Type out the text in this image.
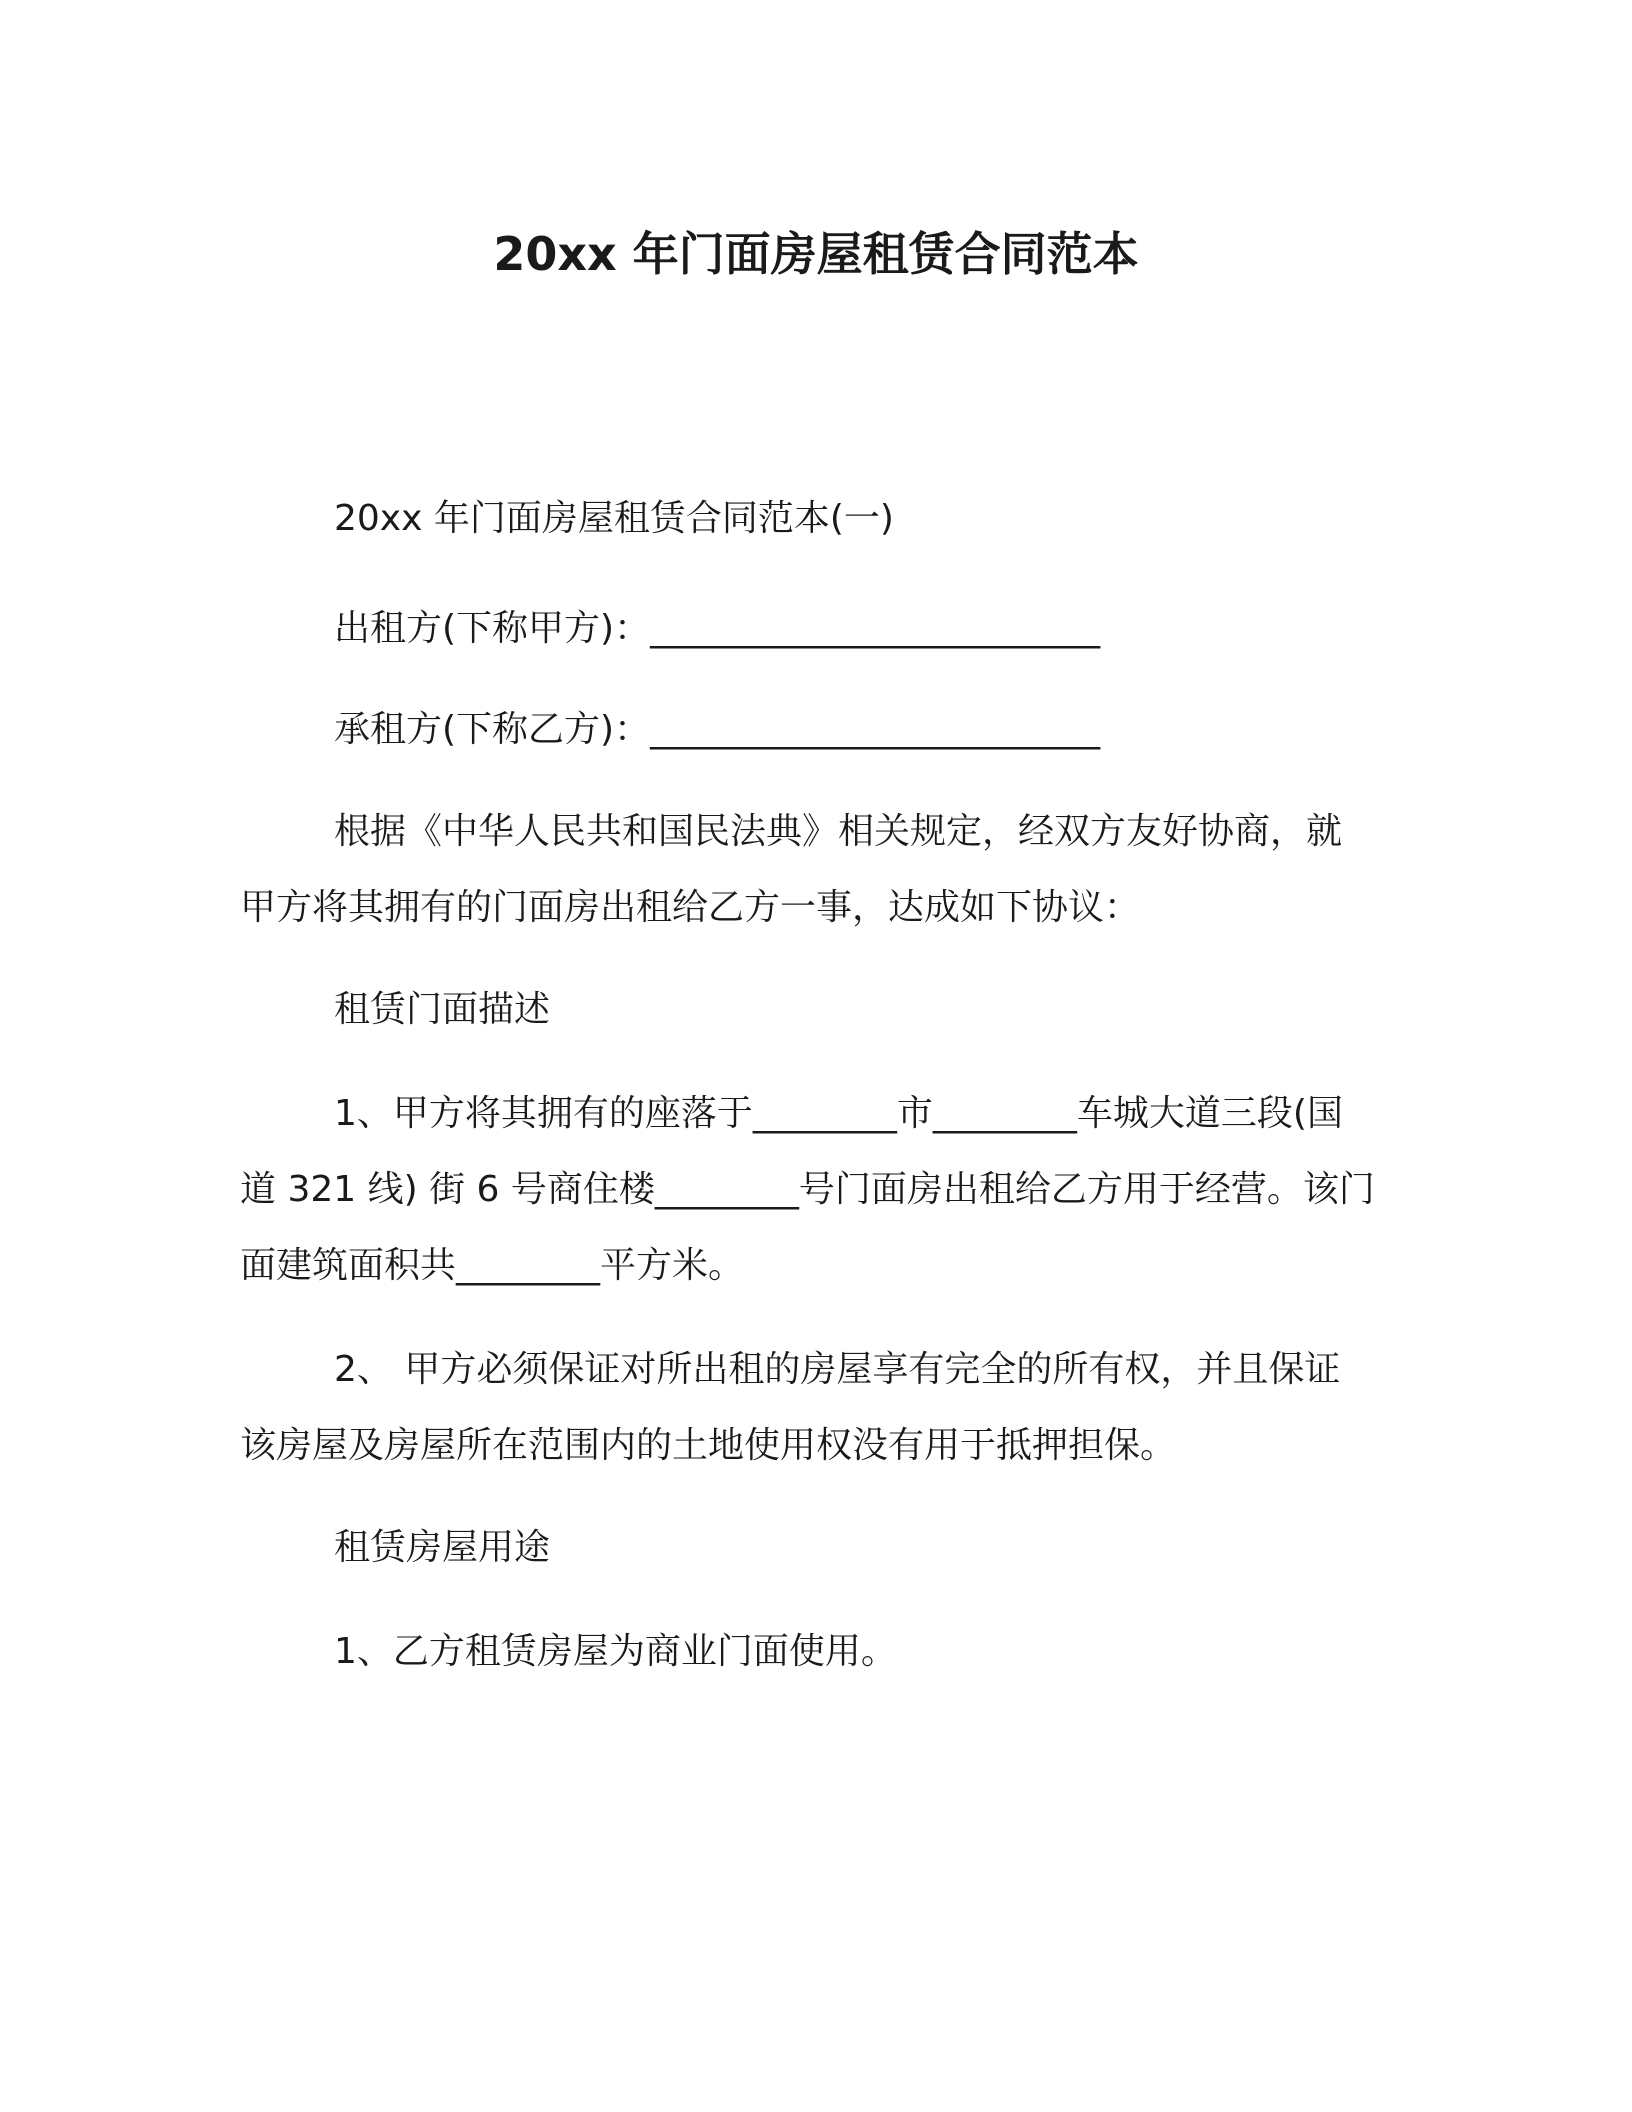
20xx 年门面房屋租赁合同范本
20xx 年门面房屋租赁合同范本(一)
出租方(下称甲方)：_________________________
承租方(下称乙方)：_________________________
根据《中华人民共和国民法典》相关规定，经双方友好协商，就
甲方将其拥有的门面房出租给乙方一事，达成如下协议：
租赁门面描述
1、甲方将其拥有的座落于________市________车城大道三段(国
道 321 线) 街 6 号商住楼________号门面房出租给乙方用于经营。该门
面建筑面积共________平方米。
2、 甲方必须保证对所出租的房屋享有完全的所有权，并且保证
该房屋及房屋所在范围内的土地使用权没有用于抵押担保。
租赁房屋用途
1、乙方租赁房屋为商业门面使用。
